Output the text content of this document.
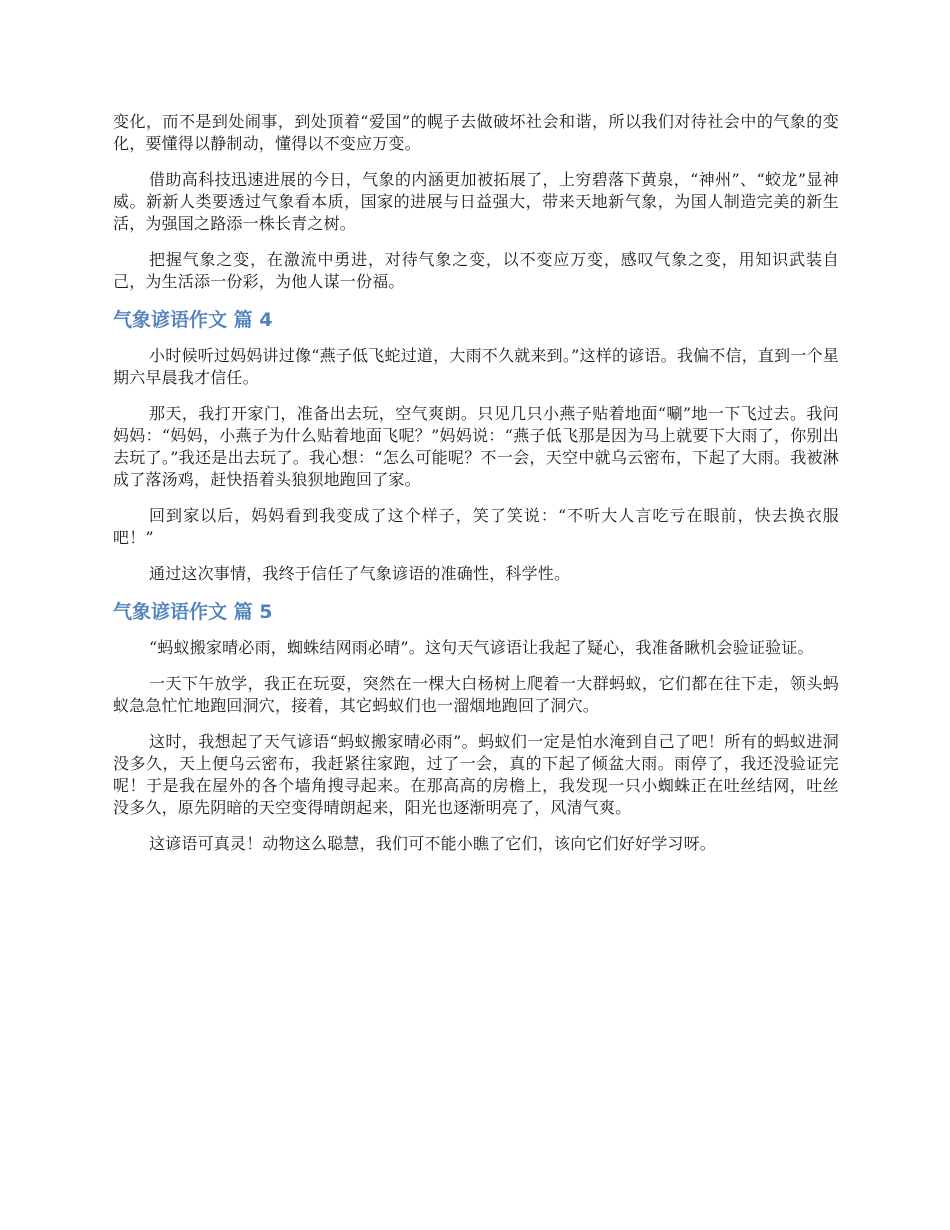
变化，而不是到处闹事，到处顶着“爱国”的幌子去做破坏社会和谐，所以我们对待社会中的气象的变化，要懂得以静制动，懂得以不变应万变。

借助高科技迅速进展的今日，气象的内涵更加被拓展了，上穷碧落下黄泉，“神州”、“蛟龙”显神威。新新人类要透过气象看本质，国家的进展与日益强大，带来天地新气象，为国人制造完美的新生活，为强国之路添一株长青之树。

把握气象之变，在激流中勇进，对待气象之变，以不变应万变，感叹气象之变，用知识武装自己，为生活添一份彩，为他人谋一份福。

气象谚语作文 篇 4

小时候听过妈妈讲过像“燕子低飞蛇过道，大雨不久就来到。”这样的谚语。我偏不信，直到一个星期六早晨我才信任。

那天，我打开家门，准备出去玩，空气爽朗。只见几只小燕子贴着地面“唰”地一下飞过去。我问妈妈：“妈妈，小燕子为什么贴着地面飞呢？”妈妈说：“燕子低飞那是因为马上就要下大雨了，你别出去玩了。”我还是出去玩了。我心想：“怎么可能呢？不一会，天空中就乌云密布，下起了大雨。我被淋成了落汤鸡，赶快捂着头狼狈地跑回了家。

回到家以后，妈妈看到我变成了这个样子，笑了笑说：“不听大人言吃亏在眼前，快去换衣服吧！”

通过这次事情，我终于信任了气象谚语的准确性，科学性。

气象谚语作文 篇 5

“蚂蚁搬家晴必雨，蜘蛛结网雨必晴”。这句天气谚语让我起了疑心，我准备瞅机会验证验证。

一天下午放学，我正在玩耍，突然在一棵大白杨树上爬着一大群蚂蚁，它们都在往下走，领头蚂蚁急急忙忙地跑回洞穴，接着，其它蚂蚁们也一溜烟地跑回了洞穴。

这时，我想起了天气谚语“蚂蚁搬家晴必雨”。蚂蚁们一定是怕水淹到自己了吧！所有的蚂蚁进洞没多久，天上便乌云密布，我赶紧往家跑，过了一会，真的下起了倾盆大雨。雨停了，我还没验证完呢！于是我在屋外的各个墙角搜寻起来。在那高高的房檐上，我发现一只小蜘蛛正在吐丝结网，吐丝没多久，原先阴暗的天空变得晴朗起来，阳光也逐渐明亮了，风清气爽。

这谚语可真灵！动物这么聪慧，我们可不能小瞧了它们，该向它们好好学习呀。
